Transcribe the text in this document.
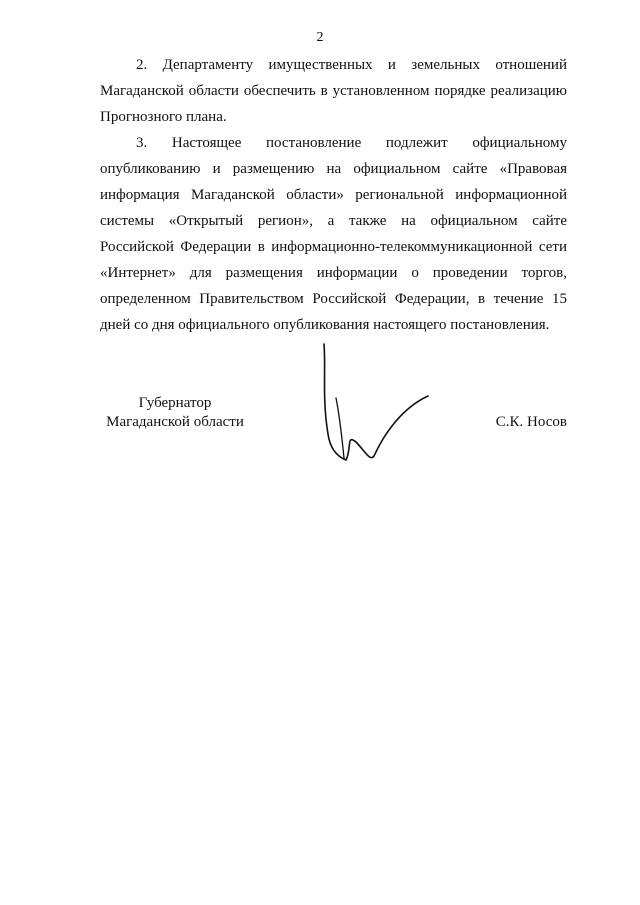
2

2. Департаменту имущественных и земельных отношений Магаданской области обеспечить в установленном порядке реализацию Прогнозного плана.

3. Настоящее постановление подлежит официальному опубликованию и размещению на официальном сайте «Правовая информация Магаданской области» региональной информационной системы «Открытый регион», а также на официальном сайте Российской Федерации в информационно-телекоммуникационной сети «Интернет» для размещения информации о проведении торгов, определенном Правительством Российской Федерации, в течение 15 дней со дня официального опубликования настоящего постановления.

Губернатор
Магаданской области	С.К. Носов
